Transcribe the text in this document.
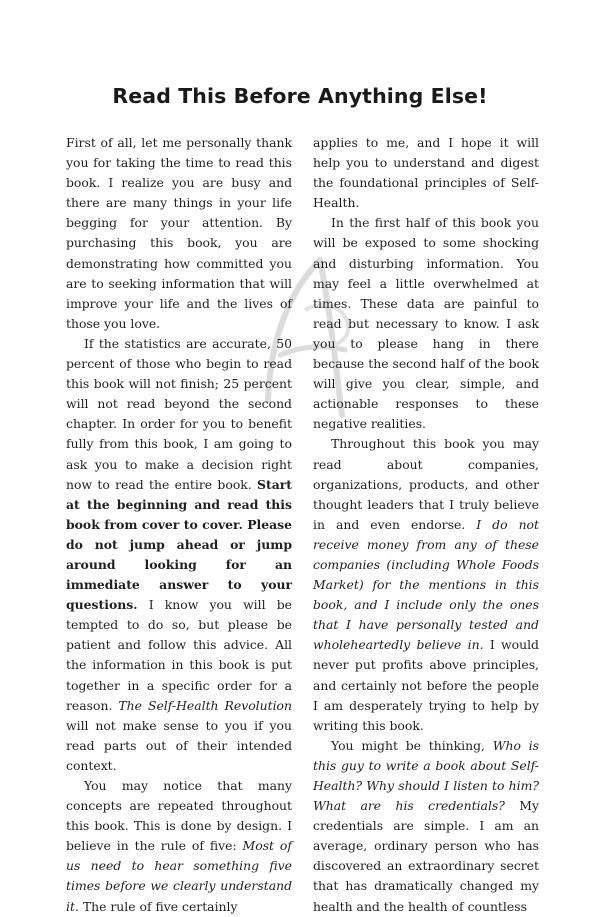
Read This Before Anything Else!

First of all, let me personally thank you for taking the time to read this book. I realize you are busy and there are many things in your life begging for your attention. By purchasing this book, you are demonstrating how committed you are to seeking information that will improve your life and the lives of those you love.

If the statistics are accurate, 50 percent of those who begin to read this book will not finish; 25 percent will not read beyond the second chapter. In order for you to benefit fully from this book, I am going to ask you to make a decision right now to read the entire book. Start at the beginning and read this book from cover to cover. Please do not jump ahead or jump around looking for an immediate answer to your questions. I know you will be tempted to do so, but please be patient and follow this advice. All the information in this book is put together in a specific order for a reason. The Self-Health Revolution will not make sense to you if you read parts out of their intended context.

You may notice that many concepts are repeated throughout this book. This is done by design. I believe in the rule of five: Most of us need to hear something five times before we clearly understand it. The rule of five certainly

applies to me, and I hope it will help you to understand and digest the foundational principles of Self-Health.

In the first half of this book you will be exposed to some shocking and disturbing information. You may feel a little overwhelmed at times. These data are painful to read but necessary to know. I ask you to please hang in there because the second half of the book will give you clear, simple, and actionable responses to these negative realities.

Throughout this book you may read about companies, organizations, products, and other thought leaders that I truly believe in and even endorse. I do not receive money from any of these companies (including Whole Foods Market) for the mentions in this book, and I include only the ones that I have personally tested and wholeheartedly believe in. I would never put profits above principles, and certainly not before the people I am desperately trying to help by writing this book.

You might be thinking, Who is this guy to write a book about Self-Health? Why should I listen to him? What are his credentials? My credentials are simple. I am an average, ordinary person who has discovered an extraordinary secret that has dramatically changed my health and the health of countless
